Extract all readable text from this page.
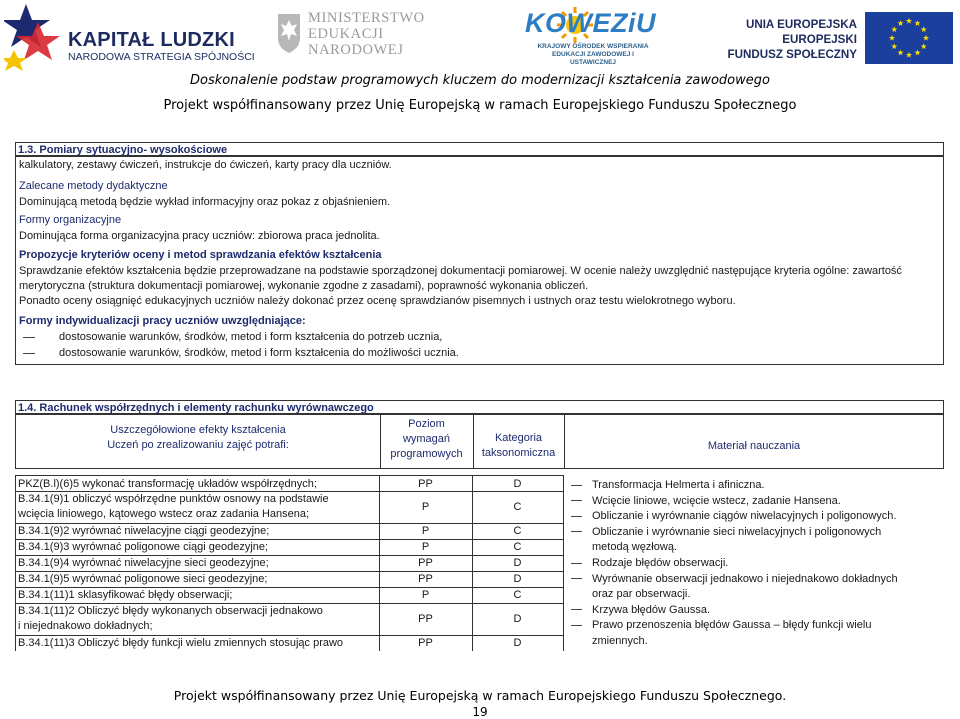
KAPITAŁ LUDZKI
NARODOWA STRATEGIA SPÓJNOŚCI
MINISTERSTWO
EDUKACJI
NARODOWEJ
KOWEZiU
KRAJOWY OŚRODEK WSPIERANIA
EDUKACJI ZAWODOWEJ I USTAWICZNEJ
UNIA EUROPEJSKA
EUROPEJSKI
FUNDUSZ SPOŁECZNY
Doskonalenie podstaw programowych kluczem do modernizacji kształcenia zawodowego
Projekt współfinansowany przez Unię Europejską w ramach Europejskiego Funduszu Społecznego
1.3. Pomiary sytuacyjno- wysokościowe
kalkulatory, zestawy ćwiczeń, instrukcje do ćwiczeń, karty pracy dla uczniów.
Zalecane metody dydaktyczne
Dominującą metodą będzie wykład informacyjny oraz pokaz z objaśnieniem.
Formy organizacyjne
Dominująca forma organizacyjna pracy uczniów: zbiorowa praca jednolita.
Propozycje kryteriów oceny i metod sprawdzania efektów kształcenia
Sprawdzanie efektów kształcenia będzie przeprowadzane na podstawie sporządzonej dokumentacji pomiarowej. W ocenie należy uwzględnić następujące kryteria ogólne: zawartość
merytoryczna (struktura dokumentacji pomiarowej, wykonanie zgodne z zasadami), poprawność wykonania obliczeń.
Ponadto oceny osiągnięć edukacyjnych uczniów należy dokonać przez ocenę sprawdzianów pisemnych i ustnych oraz testu wielokrotnego wyboru.
Formy indywidualizacji pracy uczniów uwzględniające:
dostosowanie warunków, środków, metod i form kształcenia do potrzeb ucznia,
dostosowanie warunków, środków, metod i form kształcenia do możliwości ucznia.
1.4. Rachunek współrzędnych i elementy rachunku wyrównawczego
Uszczegółowione efekty kształcenia
Uczeń po zrealizowaniu zajęć potrafi:
Poziom
wymagań
programowych
Kategoria
taksonomiczna
Materiał nauczania
PKZ(B.l)(6)5 wykonać transformację układów współrzędnych;	PP	D
B.34.1(9)1 obliczyć współrzędne punktów osnowy na podstawie
wcięcia liniowego, kątowego wstecz oraz zadania Hansena;
P	C
B.34.1(9)2 wyrównać niwelacyjne ciągi geodezyjne;	P	C
B.34.1(9)3 wyrównać poligonowe ciągi geodezyjne;	P	C
B.34.1(9)4 wyrównać niwelacyjne sieci geodezyjne;	PP	D
B.34.1(9)5 wyrównać poligonowe sieci geodezyjne;	PP	D
B.34.1(11)1 sklasyfikować błędy obserwacji;	P	C
B.34.1(11)2 Obliczyć błędy wykonanych obserwacji jednakowo
i niejednakowo dokładnych;
PP	D
B.34.1(11)3 Obliczyć błędy funkcji wielu zmiennych stosując prawo	PP	D
Transformacja Helmerta i afiniczna.
Wcięcie liniowe, wcięcie wstecz, zadanie Hansena.
Obliczanie i wyrównanie ciągów niwelacyjnych i poligonowych.
Obliczanie i wyrównanie sieci niwelacyjnych i poligonowych
metodą węzłową.
Rodzaje błędów obserwacji.
Wyrównanie obserwacji jednakowo i niejednakowo dokładnych
oraz par obserwacji.
Krzywa błędów Gaussa.
Prawo przenoszenia błędów Gaussa – błędy funkcji wielu
zmiennych.
Projekt współfinansowany przez Unię Europejską w ramach Europejskiego Funduszu Społecznego.
19
